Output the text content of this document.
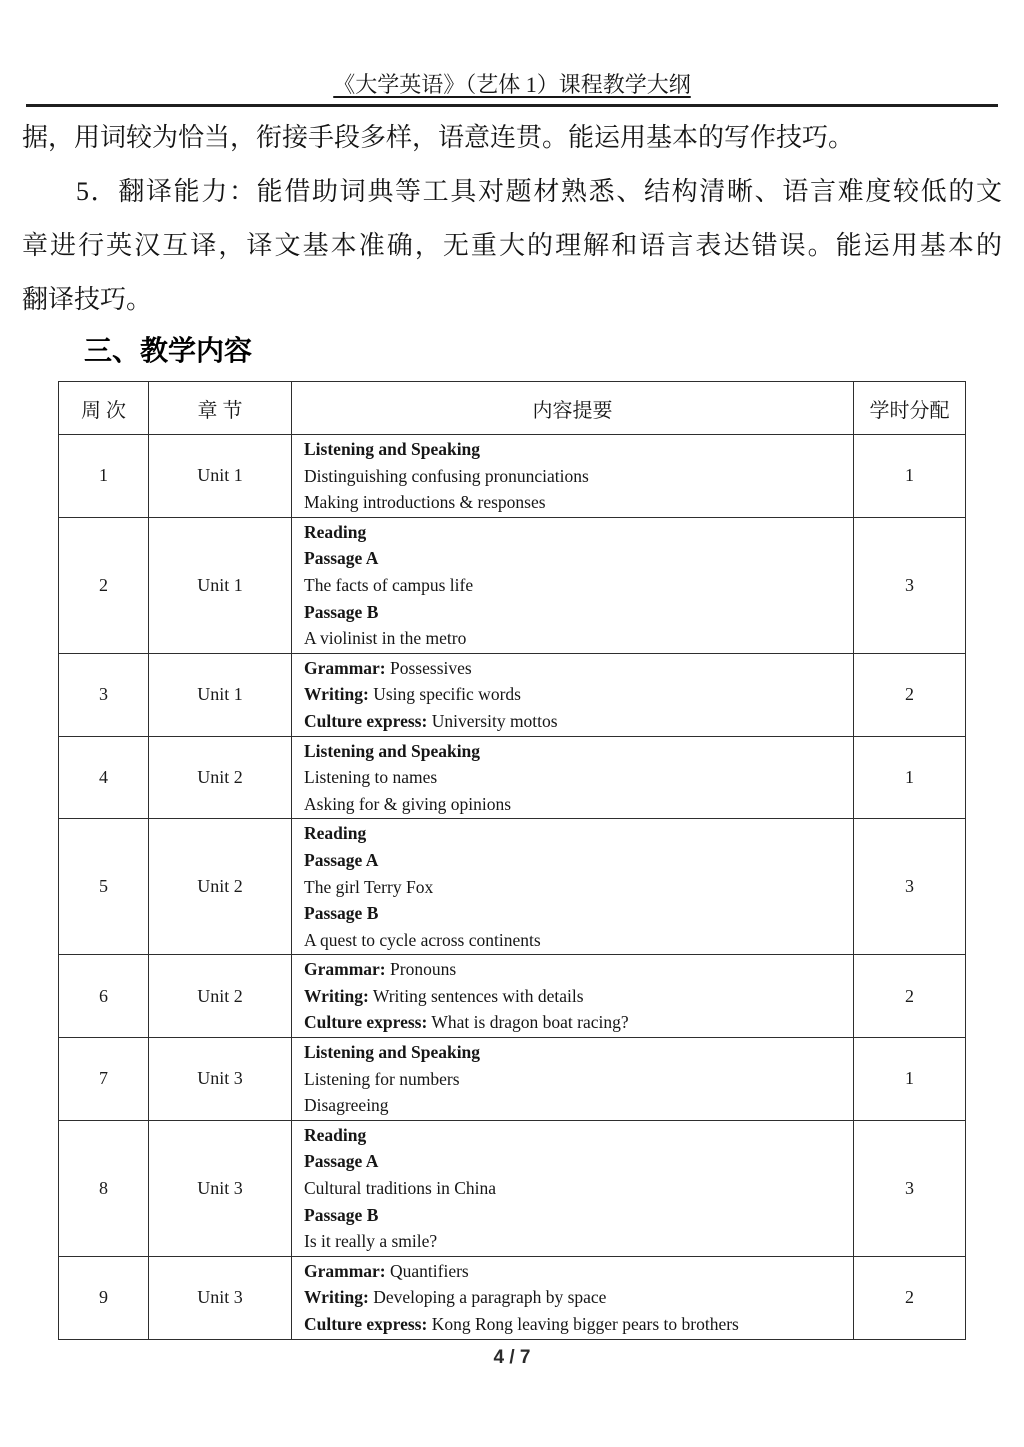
《大学英语》（艺体 1）课程教学大纲
据，用词较为恰当，衔接手段多样，语意连贯。能运用基本的写作技巧。
5．翻译能力：能借助词典等工具对题材熟悉、结构清晰、语言难度较低的文
章进行英汉互译，译文基本准确，无重大的理解和语言表达错误。能运用基本的
翻译技巧。
三、教学内容
周 次	章 节	内容提要	学时分配
1	Unit 1	Listening and Speaking
Distinguishing confusing pronunciations
Making introductions & responses	1
2	Unit 1	Reading
Passage A
The facts of campus life
Passage B
A violinist in the metro	3
3	Unit 1	Grammar: Possessives
Writing: Using specific words
Culture express: University mottos	2
4	Unit 2	Listening and Speaking
Listening to names
Asking for & giving opinions	1
5	Unit 2	Reading
Passage A
The girl Terry Fox
Passage B
A quest to cycle across continents	3
6	Unit 2	Grammar: Pronouns
Writing: Writing sentences with details
Culture express: What is dragon boat racing?	2
7	Unit 3	Listening and Speaking
Listening for numbers
Disagreeing	1
8	Unit 3	Reading
Passage A
Cultural traditions in China
Passage B
Is it really a smile?	3
9	Unit 3	Grammar: Quantifiers
Writing: Developing a paragraph by space
Culture express: Kong Rong leaving bigger pears to brothers	2
4 / 7
